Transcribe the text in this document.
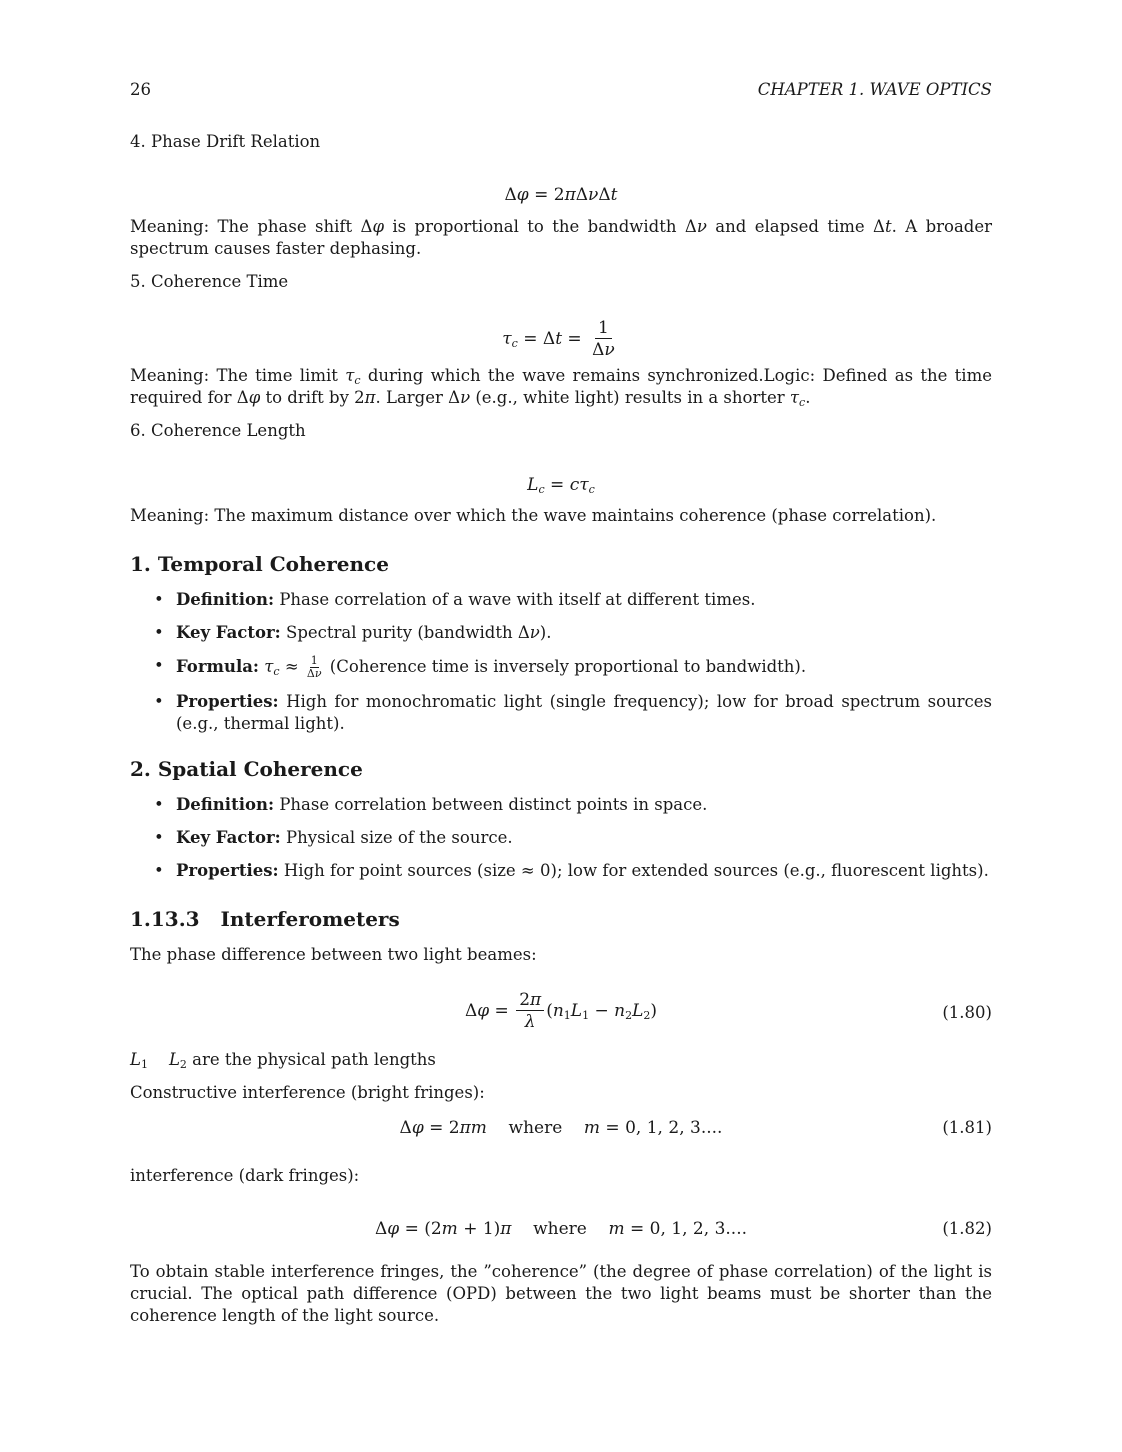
26	CHAPTER 1. WAVE OPTICS
4. Phase Drift Relation
Δφ = 2πΔνΔt
Meaning: The phase shift Δφ is proportional to the bandwidth Δν and elapsed time Δt. A broader spectrum causes faster dephasing.
5. Coherence Time
$\tau_c = \Delta t = \frac{1}{\Delta\nu}$
Meaning: The time limit $\tau_c$ during which the wave remains synchronized.Logic: Defined as the time required for Δφ to drift by 2π. Larger Δν (e.g., white light) results in a shorter $\tau_c$.
6. Coherence Length
$L_c = c\tau_c$
Meaning: The maximum distance over which the wave maintains coherence (phase correlation).
1. Temporal Coherence
• Definition: Phase correlation of a wave with itself at different times.
• Key Factor: Spectral purity (bandwidth Δν).
• Formula: $\tau_c \approx \frac{1}{\Delta\nu}$ (Coherence time is inversely proportional to bandwidth).
• Properties: High for monochromatic light (single frequency); low for broad spectrum sources (e.g., thermal light).
2. Spatial Coherence
• Definition: Phase correlation between distinct points in space.
• Key Factor: Physical size of the source.
• Properties: High for point sources (size ≈ 0); low for extended sources (e.g., fluorescent lights).
1.13.3 Interferometers
The phase difference between two light beames:
$\Delta\varphi = \frac{2\pi}{\lambda} (n_1L_1 - n_2L_2)$	(1.80)
$L_1$ $L_2$ are the physical path lengths
Constructive interference (bright fringes):
Δφ = 2πm where m = 0, 1, 2, 3....	(1.81)
interference (dark fringes):
Δφ = (2m + 1)π where m = 0, 1, 2, 3....	(1.82)
To obtain stable interference fringes, the ”coherence” (the degree of phase correlation) of the light is crucial. The optical path difference (OPD) between the two light beams must be shorter than the coherence length of the light source.
